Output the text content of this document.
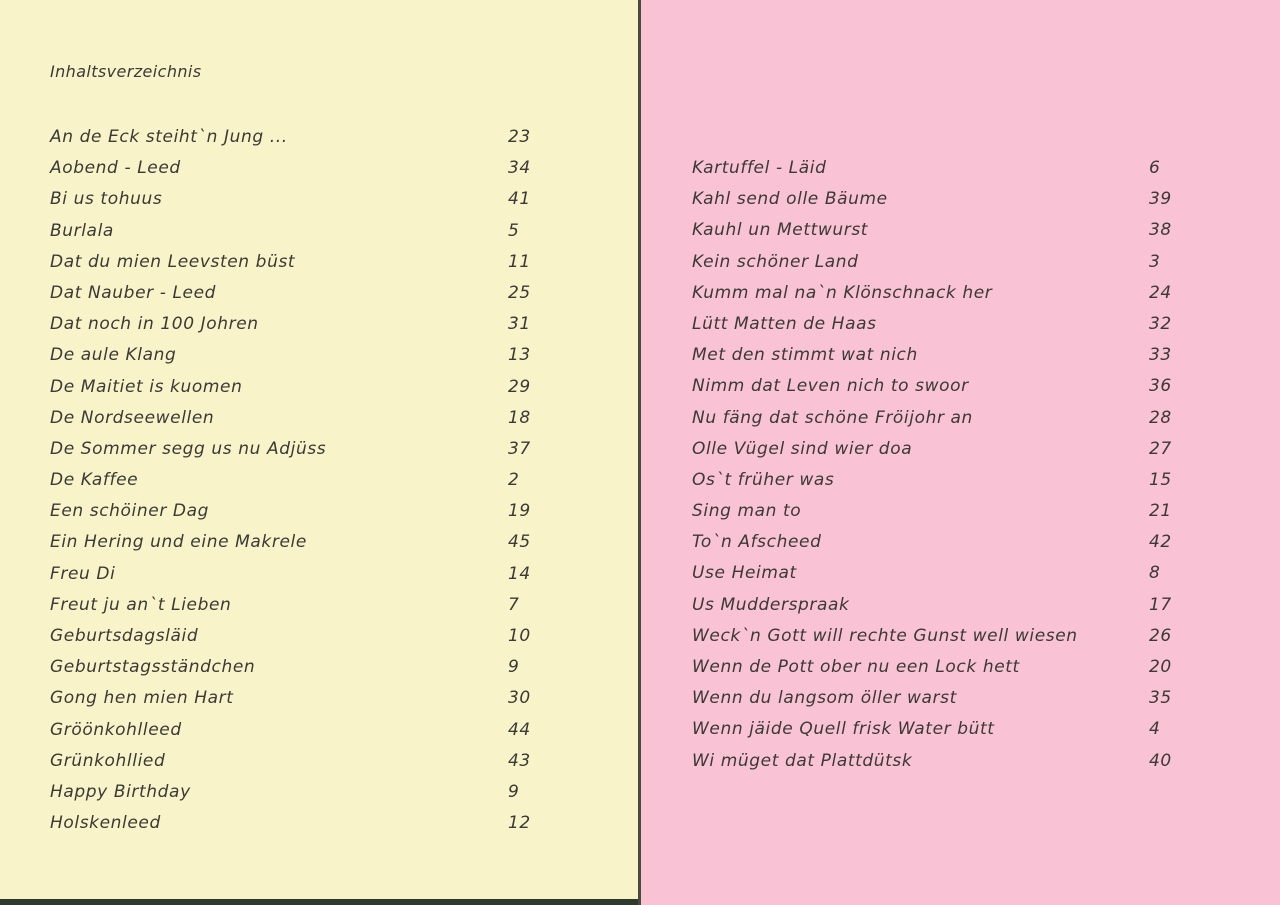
Inhaltsverzeichnis
An de Eck steiht`n Jung ...	23
Aobend - Leed	34
Bi us tohuus	41
Burlala	5
Dat du mien Leevsten büst	11
Dat Nauber - Leed	25
Dat noch in 100 Johren	31
De aule Klang	13
De Maitiet is kuomen	29
De Nordseewellen	18
De Sommer segg us nu Adjüss	37
De Kaffee	2
Een schöiner Dag	19
Ein Hering und eine Makrele	45
Freu Di	14
Freut ju an`t Lieben	7
Geburtsdagsläid	10
Geburtstagsständchen	9
Gong hen mien Hart	30
Gröönkohlleed	44
Grünkohllied	43
Happy Birthday	9
Holskenleed	12
Kartuffel - Läid	6
Kahl send olle Bäume	39
Kauhl un Mettwurst	38
Kein schöner Land	3
Kumm mal na`n Klönschnack her	24
Lütt Matten de Haas	32
Met den stimmt wat nich	33
Nimm dat Leven nich to swoor	36
Nu fäng dat schöne Fröijohr an	28
Olle Vügel sind wier doa	27
Os`t früher was	15
Sing man to	21
To`n Afscheed	42
Use Heimat	8
Us Mudderspraak	17
Weck`n Gott will rechte Gunst well wiesen	26
Wenn de Pott ober nu een Lock hett	20
Wenn du langsom öller warst	35
Wenn jäide Quell frisk Water bütt	4
Wi müget dat Plattdütsk	40
